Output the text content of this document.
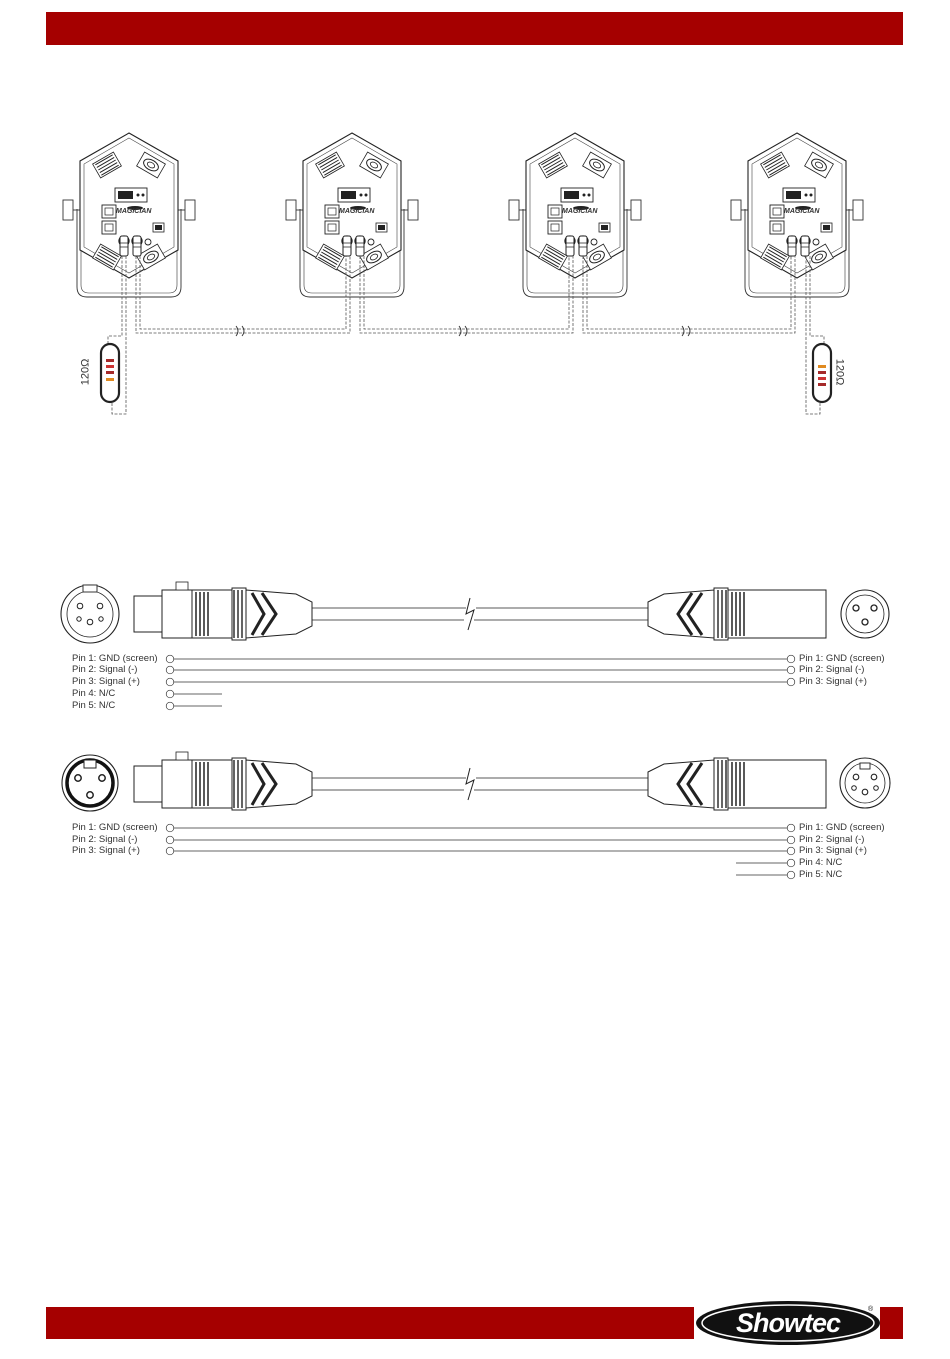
MAGICIAN	MAGICIAN	MAGICIAN	MAGICIAN
120Ω	120Ω
Pin 1: GND (screen)
Pin 2: Signal (-)
Pin 3: Signal (+)
Pin 4: N/C
Pin 5: N/C
Pin 1: GND (screen)
Pin 2: Signal (-)
Pin 3: Signal (+)
Pin 1: GND (screen)
Pin 2: Signal (-)
Pin 3: Signal (+)
Pin 1: GND (screen)
Pin 2: Signal (-)
Pin 3: Signal (+)
Pin 4: N/C
Pin 5: N/C
Showtec	®
